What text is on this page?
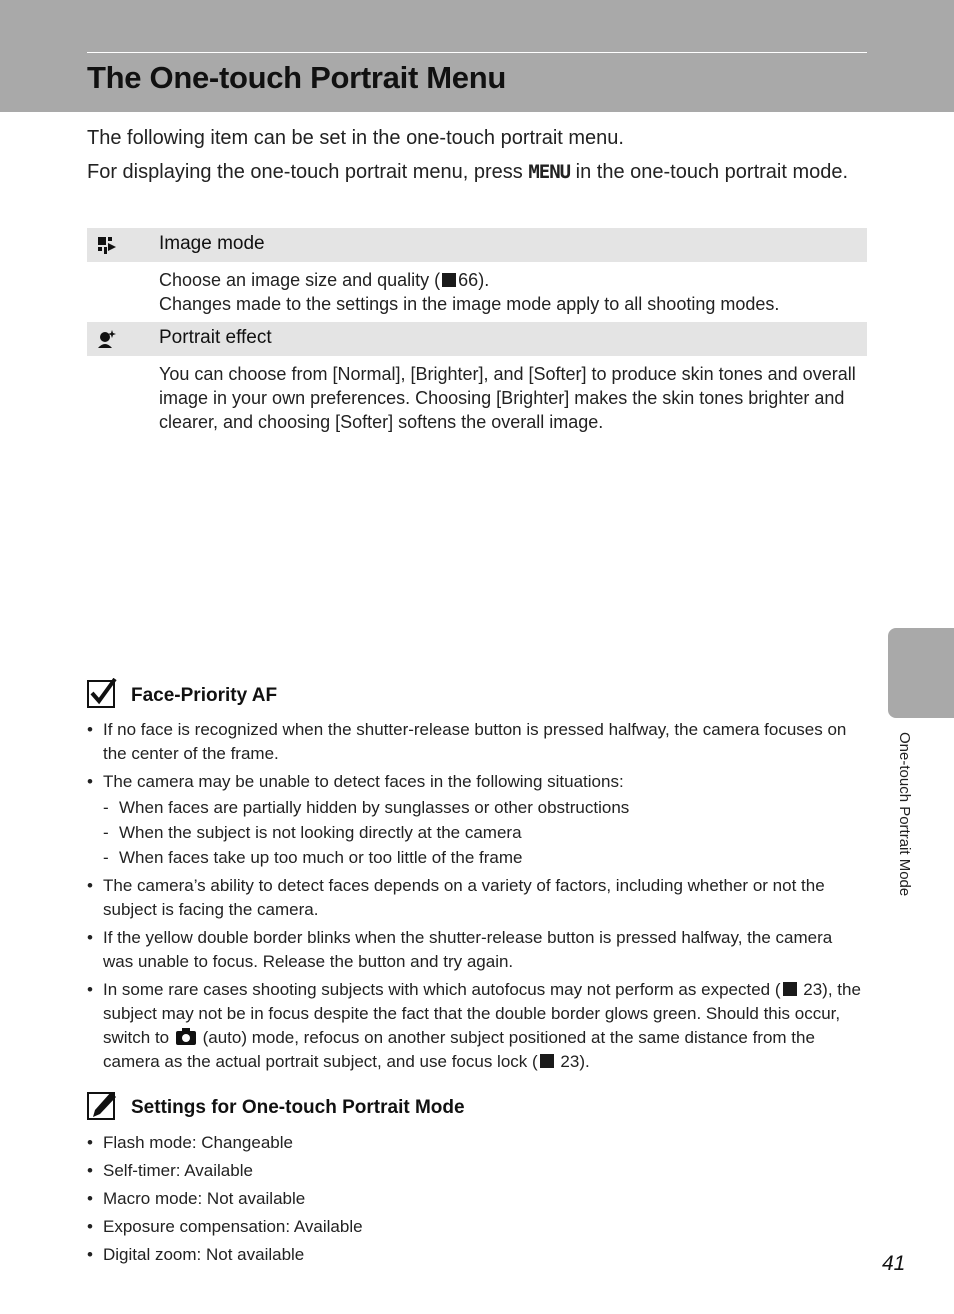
The One-touch Portrait Menu
The following item can be set in the one-touch portrait menu.
For displaying the one-touch portrait menu, press MENU in the one-touch portrait mode.
Image mode
Choose an image size and quality ( 66).
Changes made to the settings in the image mode apply to all shooting modes.
Portrait effect
You can choose from [Normal], [Brighter], and [Softer] to produce skin tones and overall image in your own preferences. Choosing [Brighter] makes the skin tones brighter and clearer, and choosing [Softer] softens the overall image.
Face-Priority AF
• If no face is recognized when the shutter-release button is pressed halfway, the camera focuses on the center of the frame.
• The camera may be unable to detect faces in the following situations:
- When faces are partially hidden by sunglasses or other obstructions
- When the subject is not looking directly at the camera
- When faces take up too much or too little of the frame
• The camera’s ability to detect faces depends on a variety of factors, including whether or not the subject is facing the camera.
• If the yellow double border blinks when the shutter-release button is pressed halfway, the camera was unable to focus. Release the button and try again.
• In some rare cases shooting subjects with which autofocus may not perform as expected ( 23), the subject may not be in focus despite the fact that the double border glows green. Should this occur, switch to  (auto) mode, refocus on another subject positioned at the same distance from the camera as the actual portrait subject, and use focus lock ( 23).
Settings for One-touch Portrait Mode
• Flash mode: Changeable
• Self-timer: Available
• Macro mode: Not available
• Exposure compensation: Available
• Digital zoom: Not available
One-touch Portrait Mode
41
